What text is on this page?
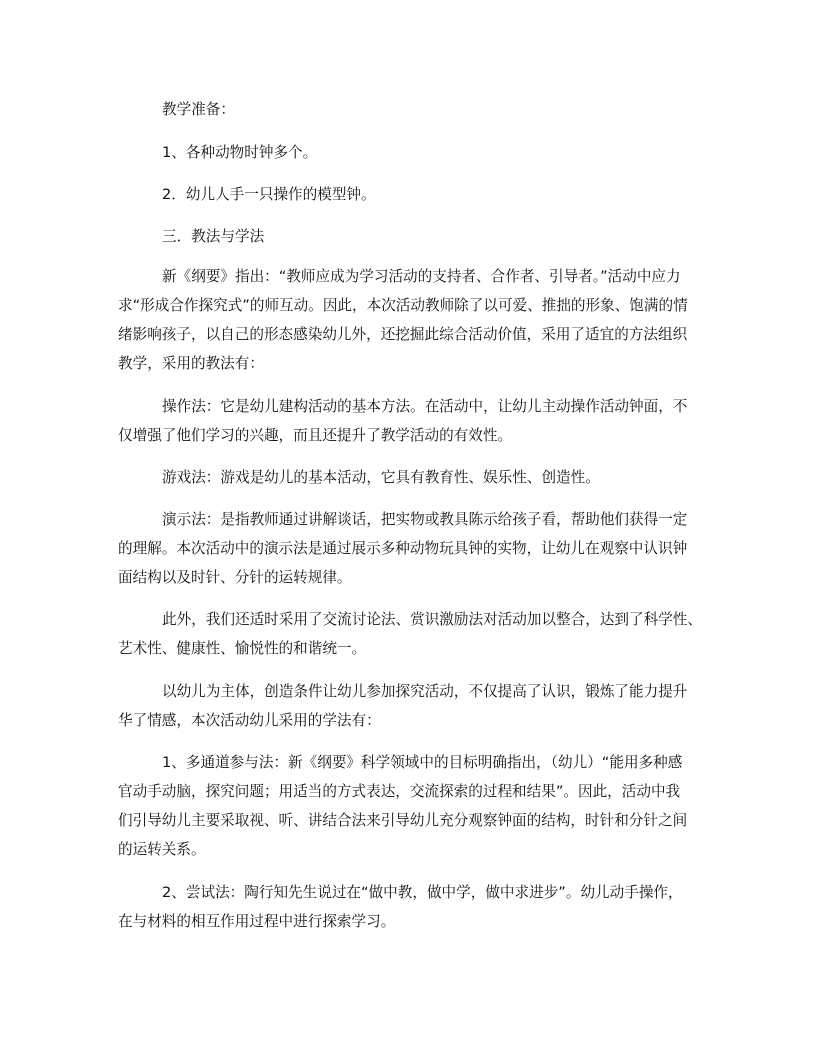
教学准备：

1、各种动物时钟多个。

2．幼儿人手一只操作的模型钟。

三．教法与学法

新《纲要》指出：“教师应成为学习活动的支持者、合作者、引导者。”活动中应力
求“形成合作探究式”的师互动。因此，本次活动教师除了以可爱、推拙的形象、饱满的情
绪影响孩子，以自己的形态感染幼儿外，还挖掘此综合活动价值，采用了适宜的方法组织
教学，采用的教法有：

操作法：它是幼儿建构活动的基本方法。在活动中，让幼儿主动操作活动钟面，不
仅增强了他们学习的兴趣，而且还提升了教学活动的有效性。

游戏法：游戏是幼儿的基本活动，它具有教育性、娱乐性、创造性。

演示法：是指教师通过讲解谈话，把实物或教具陈示给孩子看，帮助他们获得一定
的理解。本次活动中的演示法是通过展示多种动物玩具钟的实物，让幼儿在观察中认识钟
面结构以及时针、分针的运转规律。

此外，我们还适时采用了交流讨论法、赏识激励法对活动加以整合，达到了科学性、
艺术性、健康性、愉悦性的和谐统一。

以幼儿为主体，创造条件让幼儿参加探究活动，不仅提高了认识，锻炼了能力提升
华了情感，本次活动幼儿采用的学法有：

1、多通道参与法：新《纲要》科学领域中的目标明确指出，（幼儿）“能用多种感
官动手动脑，探究问题；用适当的方式表达，交流探索的过程和结果”。因此，活动中我
们引导幼儿主要采取视、听、讲结合法来引导幼儿充分观察钟面的结构，时针和分针之间
的运转关系。

2、尝试法：陶行知先生说过在“做中教，做中学，做中求进步”。幼儿动手操作，
在与材料的相互作用过程中进行探索学习。
